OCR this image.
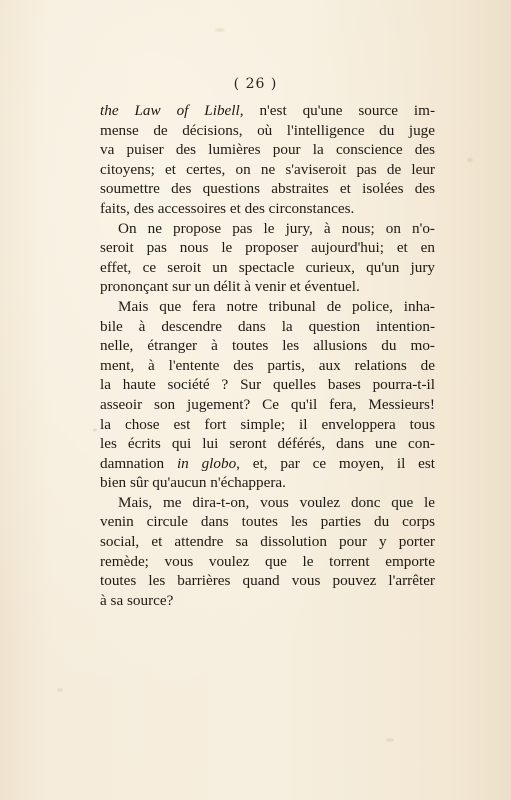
( 26 )
the Law of Libell, n'est qu'une source im-
mense de décisions, où l'intelligence du juge
va puiser des lumières pour la conscience des
citoyens; et certes, on ne s'aviseroit pas de leur
soumettre des questions abstraites et isolées des
faits, des accessoires et des circonstances.
On ne propose pas le jury, à nous; on n'o-
seroit pas nous le proposer aujourd'hui; et en
effet, ce seroit un spectacle curieux, qu'un jury
prononçant sur un délit à venir et éventuel.
Mais que fera notre tribunal de police, inha-
bile à descendre dans la question intention-
nelle, étranger à toutes les allusions du mo-
ment, à l'entente des partis, aux relations de
la haute société ? Sur quelles bases pourra-t-il
asseoir son jugement? Ce qu'il fera, Messieurs!
la chose est fort simple; il enveloppera tous
les écrits qui lui seront déférés, dans une con-
damnation in globo, et, par ce moyen, il est
bien sûr qu'aucun n'échappera.
Mais, me dira-t-on, vous voulez donc que le
venin circule dans toutes les parties du corps
social, et attendre sa dissolution pour y porter
remède; vous voulez que le torrent emporte
toutes les barrières quand vous pouvez l'arrêter
à sa source?
